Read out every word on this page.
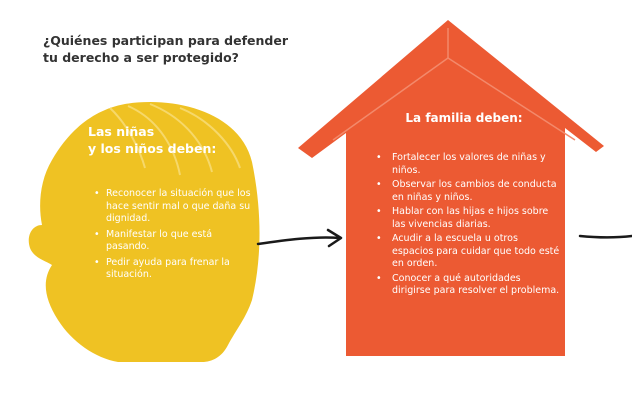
¿Quiénes participan para defender tu derecho a ser protegido?
Las niñas
y los niños deben:
• Reconocer la situación que los hace sentir mal o que daña su dignidad.
• Manifestar lo que está pasando.
• Pedir ayuda para frenar la situación.
La familia deben:
• Fortalecer los valores de niñas y niños.
• Observar los cambios de conducta en niñas y niños.
• Hablar con las hijas e hijos sobre las vivencias diarias.
• Acudir a la escuela u otros espacios para cuidar que todo esté en orden.
• Conocer a qué autoridades dirigirse para resolver el problema.
